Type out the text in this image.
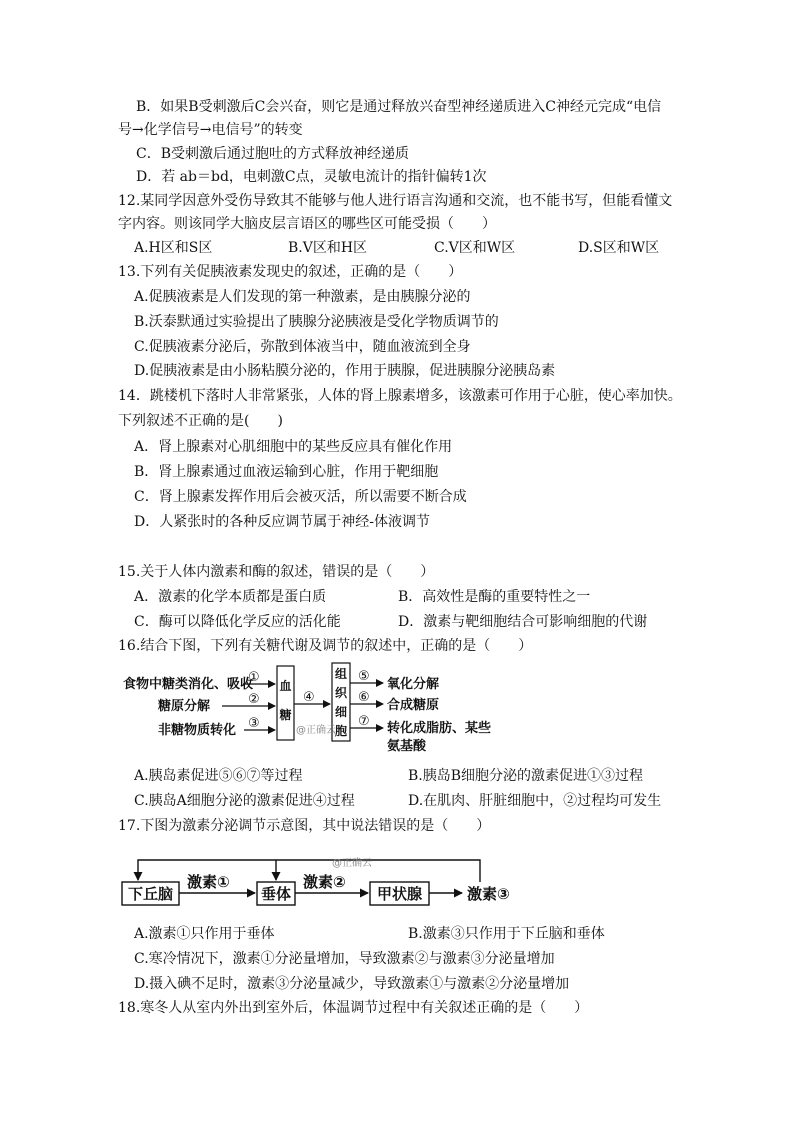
B．如果B受刺激后C会兴奋，则它是通过释放兴奋型神经递质进入C神经元完成“电信
号→化学信号→电信号”的转变
C．B受刺激后通过胞吐的方式释放神经递质
D．若 ab＝bd，电刺激C点，灵敏电流计的指针偏转1次
12.某同学因意外受伤导致其不能够与他人进行语言沟通和交流，也不能书写，但能看懂文
字内容。则该同学大脑皮层言语区的哪些区可能受损（　　）
A.H区和S区	B.V区和H区	C.V区和W区	D.S区和W区
13.下列有关促胰液素发现史的叙述，正确的是（　　）
A.促胰液素是人们发现的第一种激素，是由胰腺分泌的
B.沃泰默通过实验提出了胰腺分泌胰液是受化学物质调节的
C.促胰液素分泌后，弥散到体液当中，随血液流到全身
D.促胰液素是由小肠粘膜分泌的，作用于胰腺，促进胰腺分泌胰岛素
14．跳楼机下落时人非常紧张，人体的肾上腺素增多，该激素可作用于心脏，使心率加快。
下列叙述不正确的是(　　)
A．肾上腺素对心肌细胞中的某些反应具有催化作用
B．肾上腺素通过血液运输到心脏，作用于靶细胞
C．肾上腺素发挥作用后会被灭活，所以需要不断合成
D．人紧张时的各种反应调节属于神经-体液调节
15.关于人体内激素和酶的叙述，错误的是（　　）
A．激素的化学本质都是蛋白质	B．高效性是酶的重要特性之一
C．酶可以降低化学反应的活化能	D．激素与靶细胞结合可影响细胞的代谢
16.结合下图，下列有关糖代谢及调节的叙述中，正确的是（　　）
食物中糖类消化、吸收
糖原分解
非糖物质转化
①
②
③
④
⑤
⑥
⑦
血
糖
组
织
细
胞
氧化分解
合成糖原
转化成脂肪、某些
氨基酸
@正确云
A.胰岛素促进⑤⑥⑦等过程	B.胰岛B细胞分泌的激素促进①③过程
C.胰岛A细胞分泌的激素促进④过程	D.在肌肉、肝脏细胞中，②过程均可发生
17.下图为激素分泌调节示意图，其中说法错误的是（　　）
下丘脑	垂体	甲状腺
激素①	激素②
激素③
@正确云
A.激素①只作用于垂体	B.激素③只作用于下丘脑和垂体
C.寒冷情况下，激素①分泌量增加，导致激素②与激素③分泌量增加
D.摄入碘不足时，激素③分泌量减少，导致激素①与激素②分泌量增加
18.寒冬人从室内外出到室外后，体温调节过程中有关叙述正确的是（　　）
